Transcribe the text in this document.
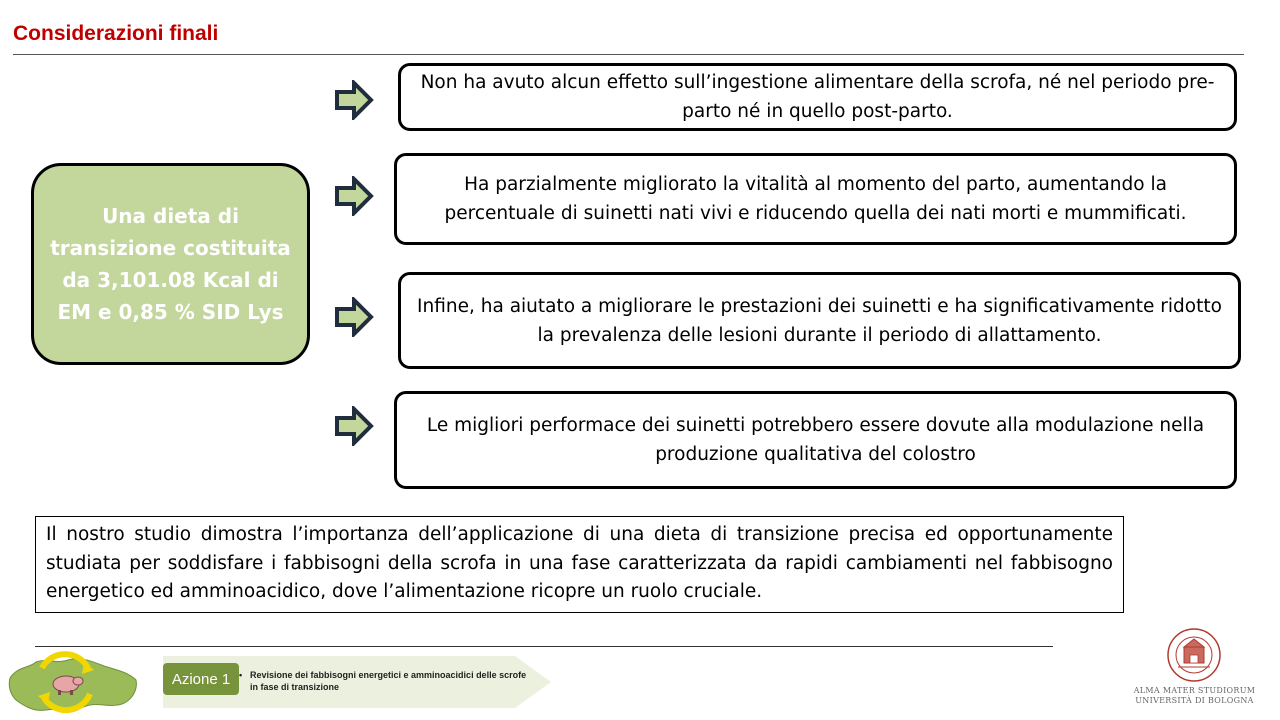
Considerazioni finali
Una dieta di transizione costituita da 3,101.08 Kcal di EM e 0,85 % SID Lys
Non ha avuto alcun effetto sull’ingestione alimentare della scrofa, né nel periodo pre-parto né in quello post-parto.
Ha parzialmente migliorato la vitalità al momento del parto, aumentando la percentuale di suinetti nati vivi e riducendo quella dei nati morti e mummificati.
Infine, ha aiutato a migliorare le prestazioni dei suinetti e ha significativamente ridotto la prevalenza delle lesioni durante il periodo di allattamento.
Le migliori performace dei suinetti potrebbero essere dovute alla modulazione nella produzione qualitativa del colostro
Il nostro studio dimostra l’importanza dell’applicazione di una dieta di transizione precisa ed opportunamente studiata per soddisfare i fabbisogni della scrofa in una fase caratterizzata da rapidi cambiamenti nel fabbisogno energetico ed amminoacidico, dove l’alimentazione ricopre un ruolo cruciale.
Azione 1 • Revisione dei fabbisogni energetici e amminoacidici delle scrofe in fase di transizione	ALMA MATER STUDIORUM
UNIVERSITÀ DI BOLOGNA
